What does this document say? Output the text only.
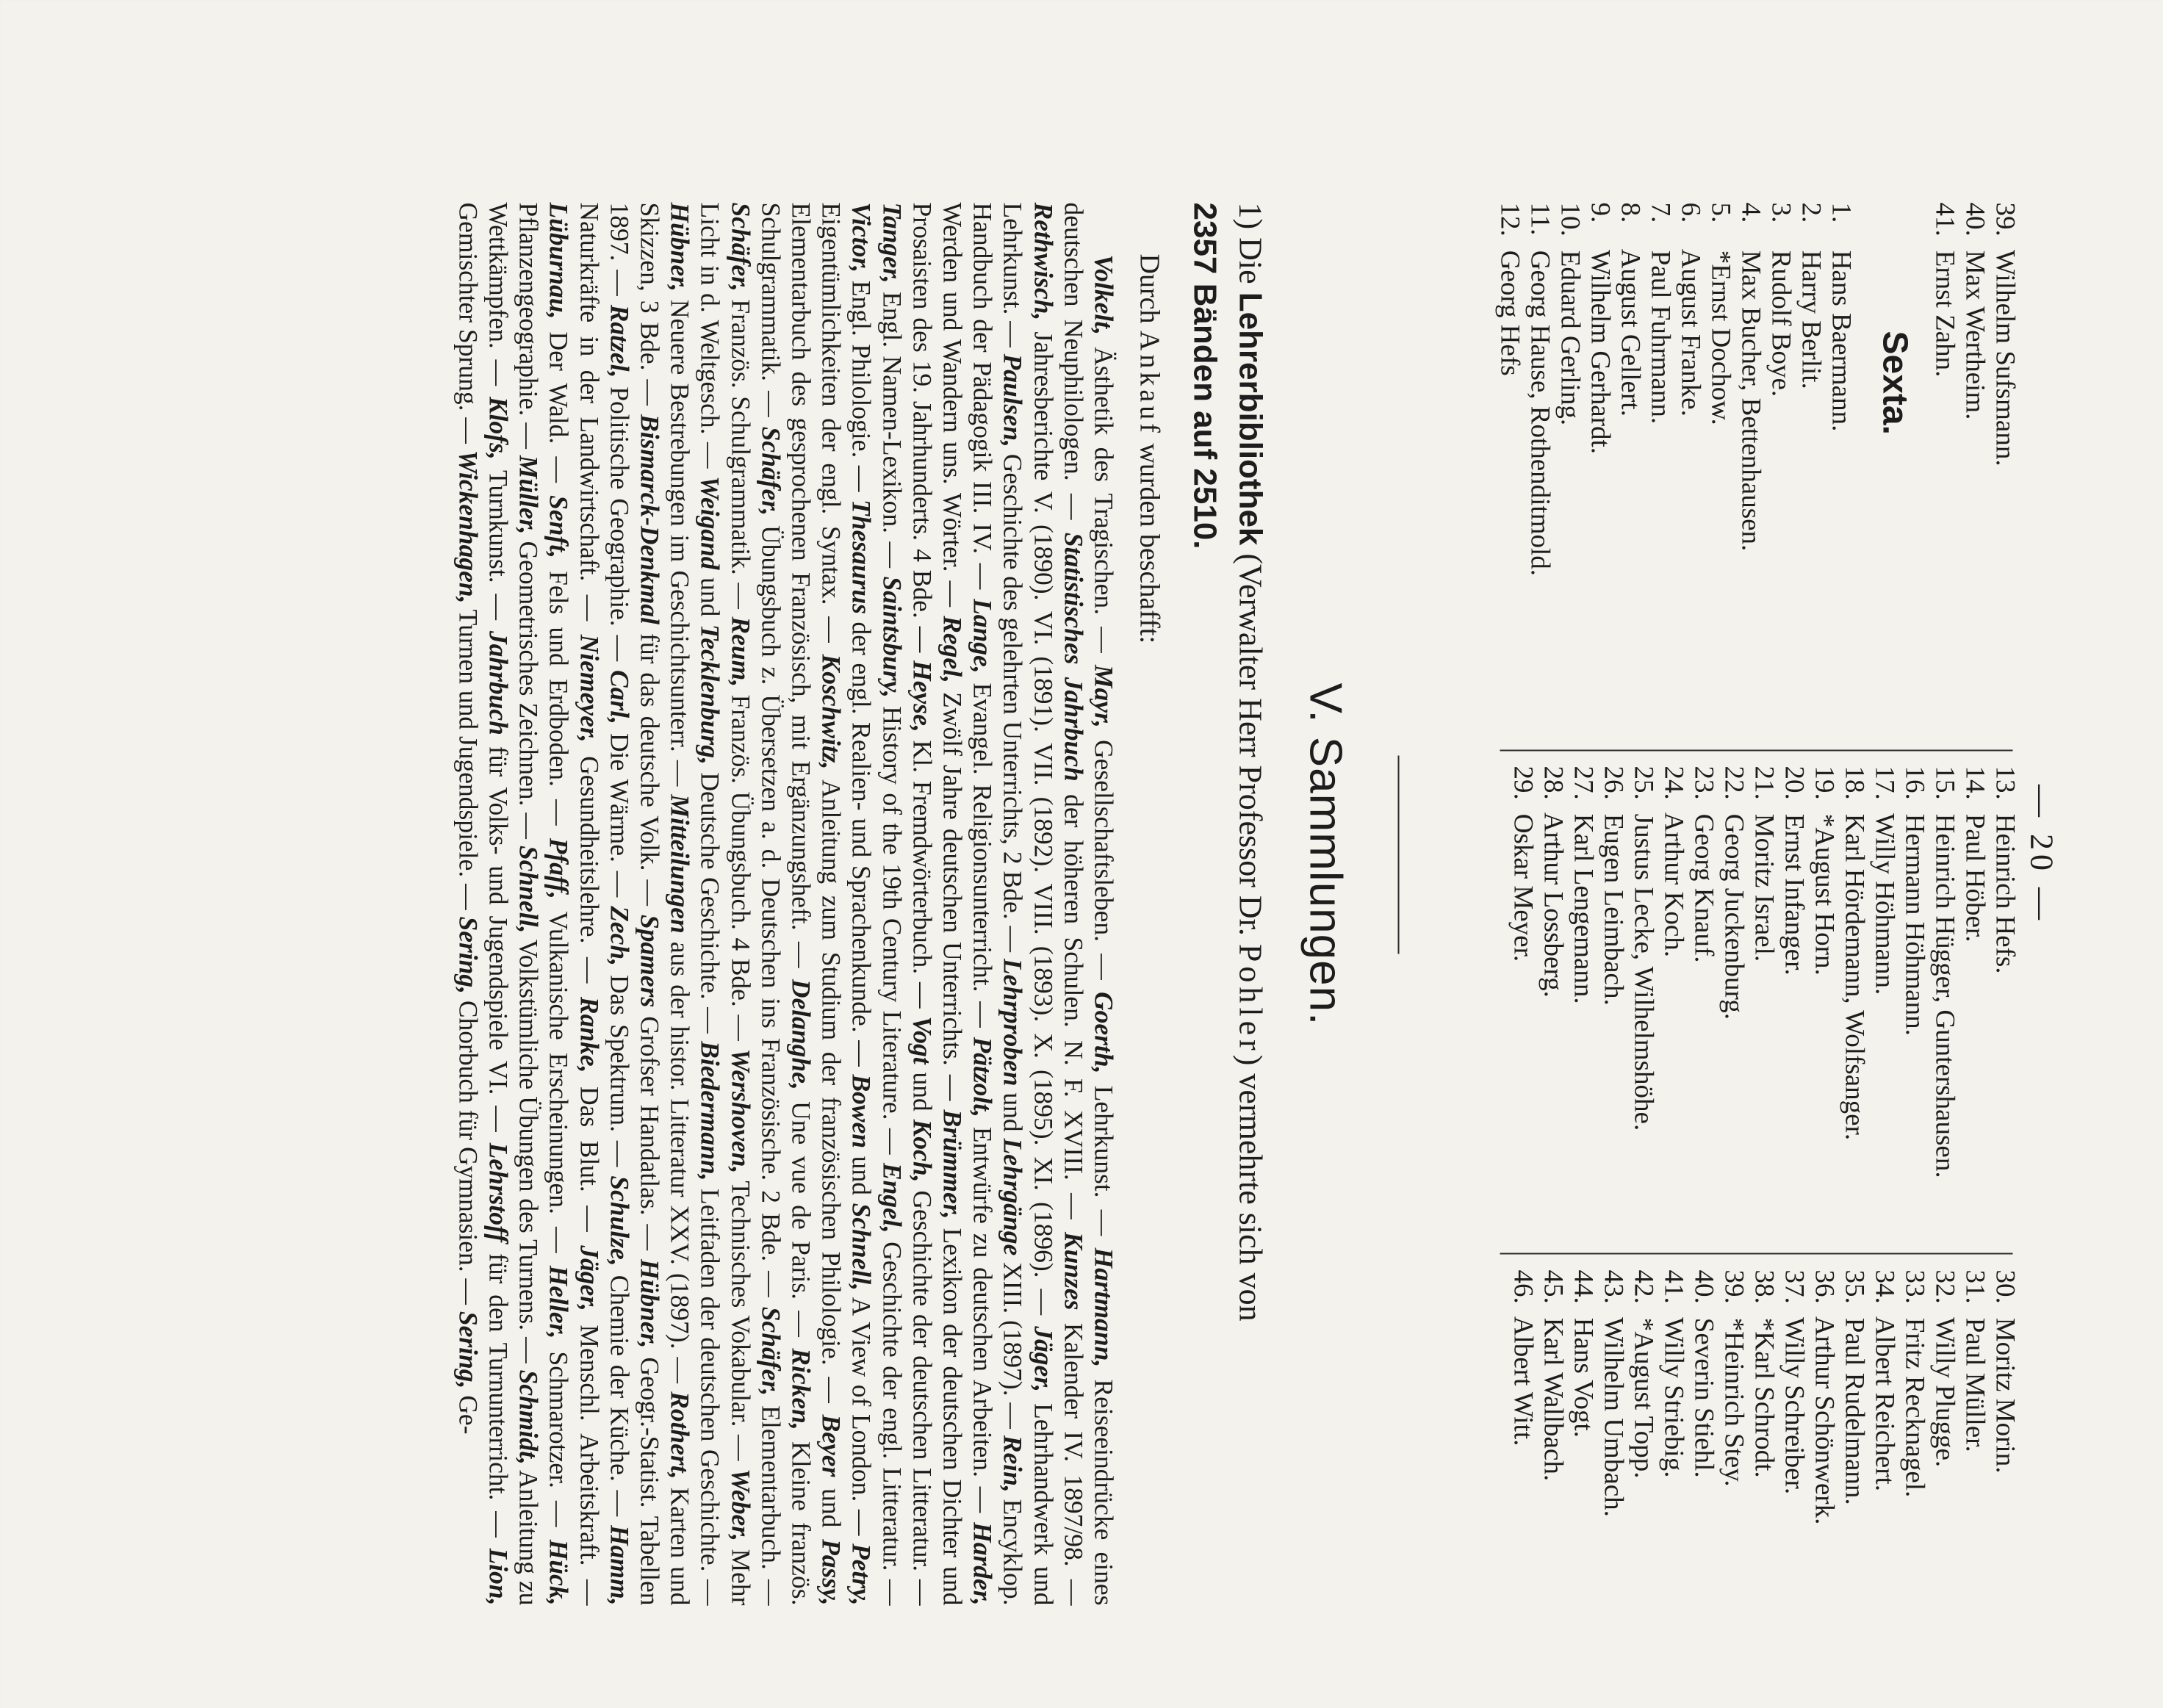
— 20 —
39. Wilhelm Sufsmann.
40. Max Wertheim.
41. Ernst Zahn.
13. Heinrich Hefs.
14. Paul Höber.
15. Heinrich Hügger, Guntershausen.
16. Hermann Höhmann.
17. Willy Höhmann.
18. Karl Hördemann, Wolfsanger.
19. *August Horn.
20. Ernst Infanger.
21. Moritz Israel.
22. Georg Juckenburg.
23. Georg Knauf.
24. Arthur Koch.
25. Justus Lecke, Wilhelmshöhe.
26. Eugen Leimbach.
27. Karl Lengemann.
28. Arthur Lossberg.
29. Oskar Meyer.
30. Moritz Morin.
31. Paul Müller.
32. Willy Plugge.
33. Fritz Recknagel.
34. Albert Reichert.
35. Paul Rudelmann.
36. Arthur Schönwerk.
37. Willy Schreiber.
38. *Karl Schrodt.
39. *Heinrich Stey.
40. Severin Stiehl.
41. Willy Striebig.
42. *August Topp.
43. Wilhelm Umbach.
44. Hans Vogt.
45. Karl Wallbach.
46. Albert Witt.
Sexta.
1. Hans Baermann.
2. Harry Berlit.
3. Rudolf Boye.
4. Max Bucher, Bettenhausen.
5. *Ernst Dochow.
6. August Franke.
7. Paul Fuhrmann.
8. August Gellert.
9. Wilhelm Gerhardt.
10. Eduard Gerling.
11. Georg Hause, Rothenditmold.
12. Georg Hefs
V. Sammlungen.
1) Die Lehrerbibliothek (Verwalter Herr Professor Dr. Pohler) vermehrte sich von
2357 Bänden auf 2510.
Durch Ankauf wurden beschafft:
  Volkelt, Ästhetik des Tragischen. — Mayr, Gesellschaftsleben. — Goerth, Lehrkunst. — Hartmann, Reiseeindrücke eines deutschen Neuphilologen. — Statistisches Jahrbuch der höheren Schulen. N. F. XVIII. — Kunzes Kalender IV. 1897/98. — Rethwisch, Jahresberichte V. (1890). VI. (1891). VII. (1892). VIII. (1893). X. (1895). XI. (1896). — Jäger, Lehrhandwerk und Lehrkunst. — Paulsen, Geschichte des gelehrten Unterrichts, 2 Bde. — Lehrproben und Lehrgänge XIII. (1897). — Rein, Encyklop. Handbuch der Pädagogik III. IV. — Lange, Evangel. Religionsunterricht. — Pätzolt, Entwürfe zu deutschen Arbeiten. — Harder, Werden und Wandern uns. Wörter. — Regel, Zwölf Jahre deutschen Unterrichts. — Brümmer, Lexikon der deutschen Dichter und Prosaisten des 19. Jahrhunderts. 4 Bde. — Heyse, Kl. Fremdwörterbuch. — Vogt und Koch, Geschichte der deutschen Litteratur. — Tanger, Engl. Namen-Lexikon. — Saintsbury, History of the 19th Century Literature. — Engel, Geschichte der engl. Litteratur. — Victor, Engl. Philologie. — Thesaurus der engl. Realien- und Sprachenkunde. — Bowen und Schnell, A View of London. — Petry, Eigentümlichkeiten der engl. Syntax. — Koschwitz, Anleitung zum Studium der französischen Philologie. — Beyer und Passy, Elementarbuch des gesprochenen Französisch, mit Ergänzungsheft. — Delanghe, Une vue de Paris. — Ricken, Kleine französ. Schulgrammatik. — Schäfer, Übungsbuch z. Übersetzen a. d. Deutschen ins Französische. 2 Bde. — Schäfer, Elementarbuch. — Schäfer, Französ. Schulgrammatik. — Reum, Französ. Übungsbuch. 4 Bde. — Wershoven, Technisches Vokabular. — Weber, Mehr Licht in d. Weltgesch. — Weigand und Tecklenburg, Deutsche Geschichte. — Biedermann, Leitfaden der deutschen Geschichte. — Hübner, Neuere Bestrebungen im Geschichtsunterr. — Mitteilungen aus der histor. Litteratur XXV. (1897). — Rothert, Karten und Skizzen, 3 Bde. — Bismarck-Denkmal für das deutsche Volk. — Spamers Grofser Handatlas. — Hübner, Geogr.-Statist. Tabellen 1897. — Ratzel, Politische Geographie. — Carl, Die Wärme. — Zech, Das Spektrum. — Schulze, Chemie der Küche. — Hamm, Naturkräfte in der Landwirtschaft. — Niemeyer, Gesundheitslehre. — Ranke, Das Blut. — Jäger, Menschl. Arbeitskraft. — Lüburnau, Der Wald. — Senft, Fels und Erdboden. — Pfaff, Vulkanische Erscheinungen. — Heller, Schmarotzer. — Hück, Pflanzengeographie. — Müller, Geometrisches Zeichnen. — Schnell, Volkstümliche Übungen des Turnens. — Schmidt, Anleitung zu Wettkämpfen. — Klofs, Turnkunst. — Jahrbuch für Volks- und Jugendspiele VI. — Lehrstoff für den Turnunterricht. — Lion, Gemischter Sprung. — Wickenhagen, Turnen und Jugendspiele. — Sering, Chorbuch für Gymnasien. — Sering, Ge-
